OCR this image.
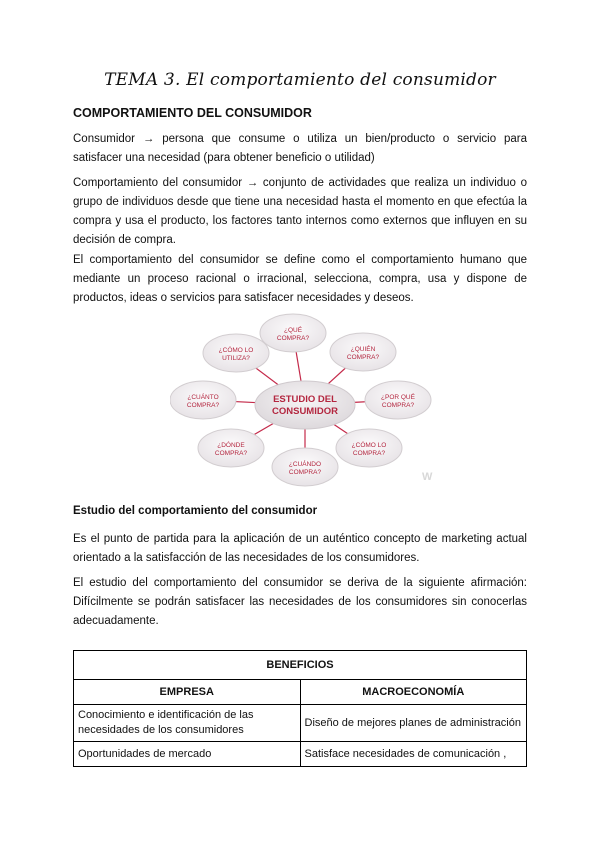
TEMA 3. El comportamiento del consumidor
COMPORTAMIENTO DEL CONSUMIDOR

Consumidor → persona que consume o utiliza un bien/producto o servicio para satisfacer una necesidad (para obtener beneficio o utilidad)

Comportamiento del consumidor → conjunto de actividades que realiza un individuo o grupo de individuos desde que tiene una necesidad hasta el momento en que efectúa la compra y usa el producto, los factores tanto internos como externos que influyen en su decisión de compra.

El comportamiento del consumidor se define como el comportamiento humano que mediante un proceso racional o irracional, selecciona, compra, usa y dispone de productos, ideas o servicios para satisfacer necesidades y deseos.

¿QUÉ
COMPRA?
¿QUIÉN
COMPRA?
¿POR QUÉ
COMPRA?
¿CÓMO LO
COMPRA?
¿CUÁNDO
COMPRA?
¿DÓNDE
COMPRA?
¿CUÁNTO
COMPRA?
¿CÓMO LO
UTILIZA?
ESTUDIO DEL
CONSUMIDOR
W
Estudio del comportamiento del consumidor

Es el punto de partida para la aplicación de un auténtico concepto de marketing actual orientado a la satisfacción de las necesidades de los consumidores.

El estudio del comportamiento del consumidor se deriva de la siguiente afirmación: Difícilmente se podrán satisfacer las necesidades de los consumidores sin conocerlas adecuadamente.

BENEFICIOS	
EMPRESA	MACROECONOMÍA
Conocimiento e identificación de las necesidades de los consumidores	Diseño de mejores planes de administración
Oportunidades de mercado	Satisface necesidades de comunicación ,
